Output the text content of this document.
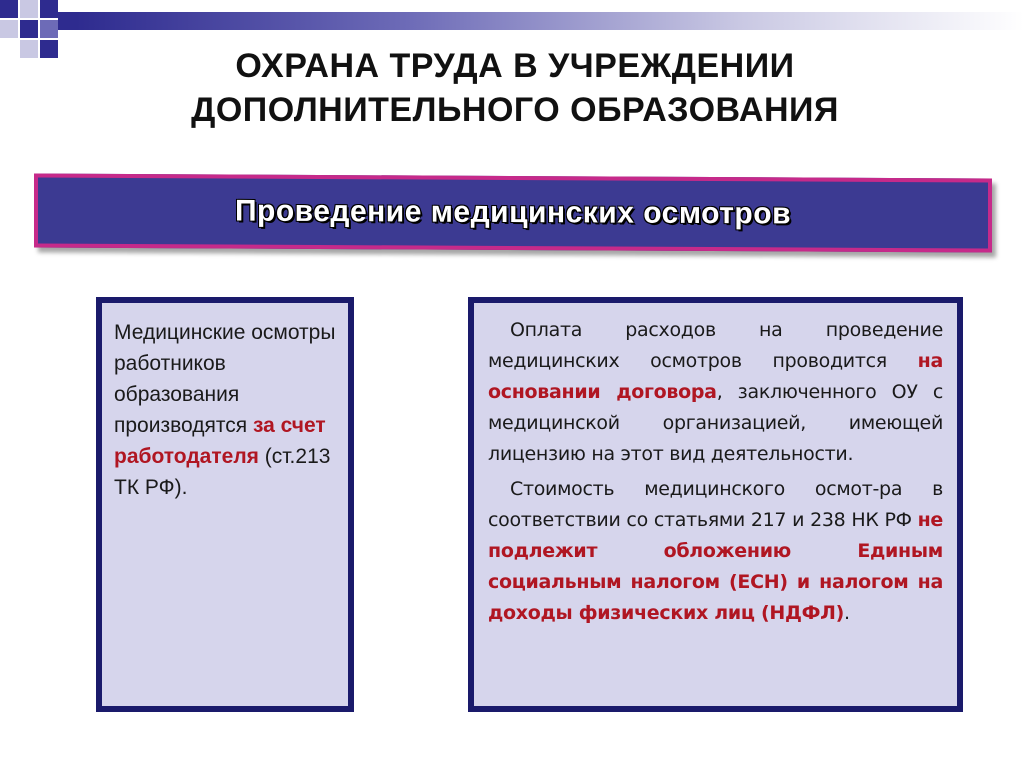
ОХРАНА ТРУДА В УЧРЕЖДЕНИИ
ДОПОЛНИТЕЛЬНОГО ОБРАЗОВАНИЯ
Проведение медицинских осмотров
Медицинские осмотры работников образования производятся за счет работодателя (ст.213 ТК РФ).

Оплата расходов на проведение медицинских осмотров проводится на основании договора, заключенного ОУ с медицинской организацией, имеющей лицензию на этот вид деятельности.

Стоимость медицинского осмот-ра в соответствии со статьями 217 и 238 НК РФ не подлежит обложению Единым социальным налогом (ЕСН) и налогом на доходы физических лиц (НДФЛ).
